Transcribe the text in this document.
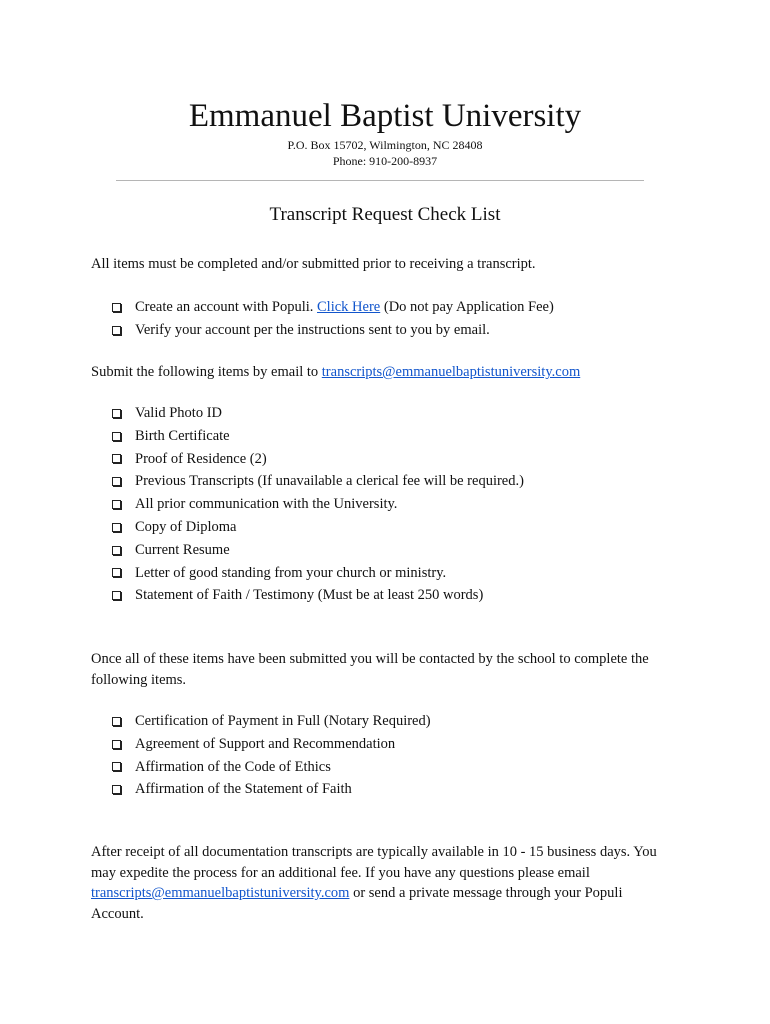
Emmanuel Baptist University
P.O. Box 15702, Wilmington, NC 28408
Phone: 910-200-8937
Transcript Request Check List

All items must be completed and/or submitted prior to receiving a transcript.

Create an account with Populi. Click Here (Do not pay Application Fee)
Verify your account per the instructions sent to you by email.

Submit the following items by email to transcripts@emmanuelbaptistuniversity.com

Valid Photo ID
Birth Certificate
Proof of Residence (2)
Previous Transcripts (If unavailable a clerical fee will be required.)
All prior communication with the University.
Copy of Diploma
Current Resume
Letter of good standing from your church or ministry.
Statement of Faith / Testimony (Must be at least 250 words)

Once all of these items have been submitted you will be contacted by the school to complete the following items.

Certification of Payment in Full (Notary Required)
Agreement of Support and Recommendation
Affirmation of the Code of Ethics
Affirmation of the Statement of Faith

After receipt of all documentation transcripts are typically available in 10 - 15 business days. You may expedite the process for an additional fee. If you have any questions please email transcripts@emmanuelbaptistuniversity.com or send a private message through your Populi Account.
